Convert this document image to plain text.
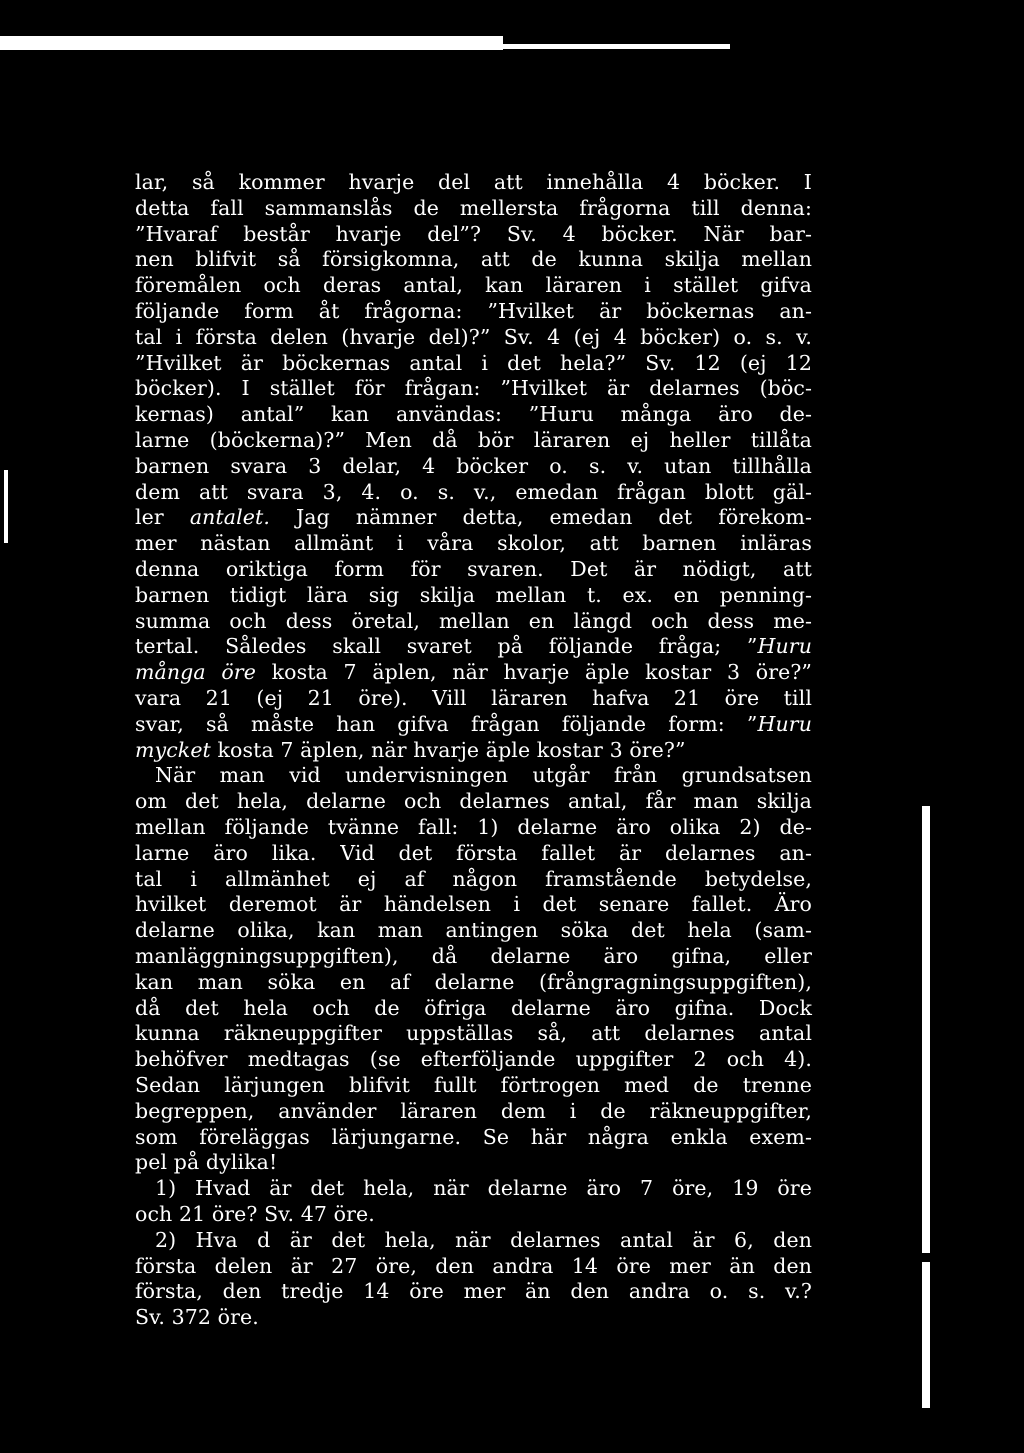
lar, så kommer hvarje del att innehålla 4 böcker. I
detta fall sammanslås de mellersta frågorna till denna:
”Hvaraf består hvarje del”? Sv. 4 böcker. När bar-
nen blifvit så försigkomna, att de kunna skilja mellan
föremålen och deras antal, kan läraren i stället gifva
följande form åt frågorna: ”Hvilket är böckernas an-
tal i första delen (hvarje del)?” Sv. 4 (ej 4 böcker) o. s. v.
”Hvilket är böckernas antal i det hela?” Sv. 12 (ej 12
böcker). I stället för frågan: ”Hvilket är delarnes (böc-
kernas) antal” kan användas: ”Huru många äro de-
larne (böckerna)?” Men då bör läraren ej heller tillåta
barnen svara 3 delar, 4 böcker o. s. v. utan tillhålla
dem att svara 3, 4. o. s. v., emedan frågan blott gäl-
ler antalet. Jag nämner detta, emedan det förekom-
mer nästan allmänt i våra skolor, att barnen inläras
denna oriktiga form för svaren. Det är nödigt, att
barnen tidigt lära sig skilja mellan t. ex. en penning-
summa och dess öretal, mellan en längd och dess me-
tertal. Således skall svaret på följande fråga; ”Huru
många öre kosta 7 äplen, när hvarje äple kostar 3 öre?”
vara 21 (ej 21 öre). Vill läraren hafva 21 öre till
svar, så måste han gifva frågan följande form: ”Huru
mycket kosta 7 äplen, när hvarje äple kostar 3 öre?”
När man vid undervisningen utgår från grundsatsen
om det hela, delarne och delarnes antal, får man skilja
mellan följande tvänne fall: 1) delarne äro olika 2) de-
larne äro lika. Vid det första fallet är delarnes an-
tal i allmänhet ej af någon framstående betydelse,
hvilket deremot är händelsen i det senare fallet. Äro
delarne olika, kan man antingen söka det hela (sam-
manläggningsuppgiften), då delarne äro gifna, eller
kan man söka en af delarne (frångragningsuppgiften),
då det hela och de öfriga delarne äro gifna. Dock
kunna räkneuppgifter uppställas så, att delarnes antal
behöfver medtagas (se efterföljande uppgifter 2 och 4).
Sedan lärjungen blifvit fullt förtrogen med de trenne
begreppen, använder läraren dem i de räkneuppgifter,
som föreläggas lärjungarne. Se här några enkla exem-
pel på dylika!
1) Hvad är det hela, när delarne äro 7 öre, 19 öre
och 21 öre? Sv. 47 öre.
2) Hva d är det hela, när delarnes antal är 6, den
första delen är 27 öre, den andra 14 öre mer än den
första, den tredje 14 öre mer än den andra o. s. v.?
Sv. 372 öre.
